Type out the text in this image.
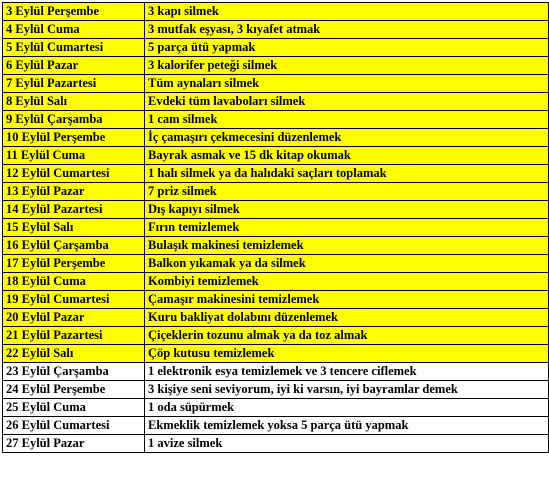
3 Eylül Perşembe	3 kapı silmek
4 Eylül Cuma	3 mutfak eşyası, 3 kıyafet atmak
5 Eylül Cumartesi	5 parça ütü yapmak
6 Eylül Pazar	3 kalorifer peteği silmek
7 Eylül Pazartesi	Tüm aynaları silmek
8 Eylül Salı	Evdeki tüm lavaboları silmek
9 Eylül Çarşamba	1 cam silmek
10 Eylül Perşembe	İç çamaşırı çekmecesini düzenlemek
11 Eylül Cuma	Bayrak asmak ve 15 dk kitap okumak
12 Eylül Cumartesi	1 halı silmek ya da halıdaki saçları toplamak
13 Eylül Pazar	7 priz silmek
14 Eylül Pazartesi	Dış kapıyı silmek
15 Eylül Salı	Fırın temizlemek
16 Eylül Çarşamba	Bulaşık makinesi temizlemek
17 Eylül Perşembe	Balkon yıkamak ya da silmek
18 Eylül Cuma	Kombiyi temizlemek
19 Eylül Cumartesi	Çamaşır makinesini temizlemek
20 Eylül Pazar	Kuru bakliyat dolabını düzenlemek
21 Eylül Pazartesi	Çiçeklerin tozunu almak ya da toz almak
22 Eylül Salı	Çöp kutusu temizlemek
23 Eylül Çarşamba	1 elektronik esya temizlemek ve 3 tencere ciflemek
24 Eylül Perşembe	3 kişiye seni seviyorum, iyi ki varsın, iyi bayramlar demek
25 Eylül Cuma	1 oda süpürmek
26 Eylül Cumartesi	Ekmeklik temizlemek yoksa 5 parça ütü yapmak
27 Eylül Pazar	1 avize silmek
